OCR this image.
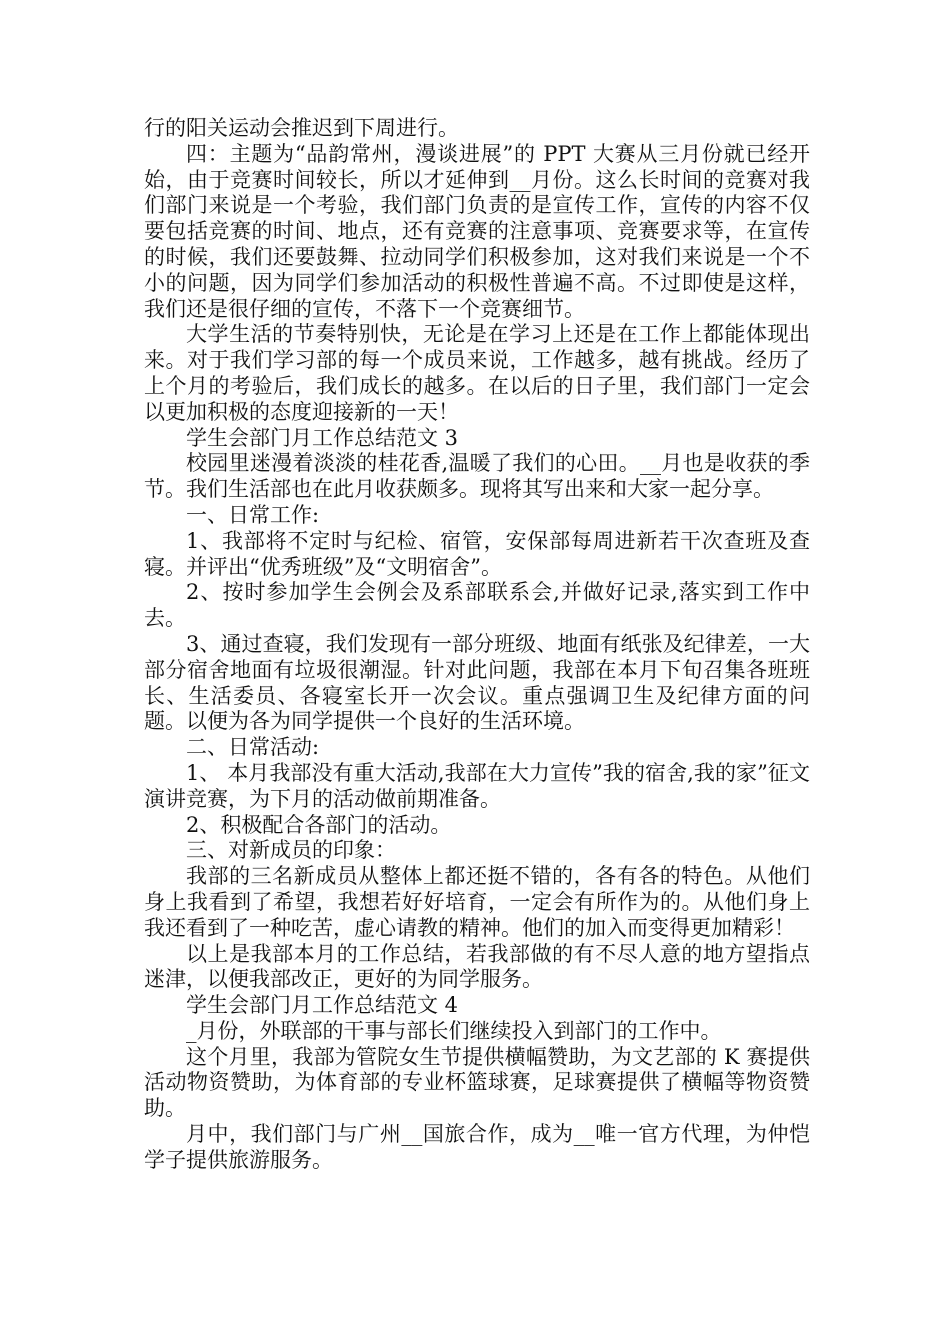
行的阳关运动会推迟到下周进行。

四：主题为“品韵常州，漫谈进展”的 PPT 大赛从三月份就已经开始，由于竞赛时间较长，所以才延伸到__月份。这么长时间的竞赛对我们部门来说是一个考验，我们部门负责的是宣传工作，宣传的内容不仅要包括竞赛的时间、地点，还有竞赛的注意事项、竞赛要求等，在宣传的时候，我们还要鼓舞、拉动同学们积极参加，这对我们来说是一个不小的问题，因为同学们参加活动的积极性普遍不高。不过即使是这样，我们还是很仔细的宣传，不落下一个竞赛细节。

大学生活的节奏特别快，无论是在学习上还是在工作上都能体现出来。对于我们学习部的每一个成员来说，工作越多，越有挑战。经历了上个月的考验后，我们成长的越多。在以后的日子里，我们部门一定会以更加积极的态度迎接新的一天！

学生会部门月工作总结范文 3

校园里迷漫着淡淡的桂花香,温暖了我们的心田。__月也是收获的季节。我们生活部也在此月收获颇多。现将其写出来和大家一起分享。

一、日常工作:

1、我部将不定时与纪检、宿管，安保部每周进新若干次查班及查寝。并评出“优秀班级”及“文明宿舍”。

2、按时参加学生会例会及系部联系会,并做好记录,落实到工作中去。

3、通过查寝，我们发现有一部分班级、地面有纸张及纪律差，一大部分宿舍地面有垃圾很潮湿。针对此问题，我部在本月下旬召集各班班长、生活委员、各寝室长开一次会议。重点强调卫生及纪律方面的问题。以便为各为同学提供一个良好的生活环境。

二、日常活动:

1、 本月我部没有重大活动,我部在大力宣传”我的宿舍,我的家”征文演讲竞赛，为下月的活动做前期准备。

2、积极配合各部门的活动。

三、对新成员的印象：

我部的三名新成员从整体上都还挺不错的，各有各的特色。从他们身上我看到了希望，我想若好好培育，一定会有所作为的。从他们身上我还看到了一种吃苦，虚心请教的精神。他们的加入而变得更加精彩！

以上是我部本月的工作总结，若我部做的有不尽人意的地方望指点迷津，以便我部改正，更好的为同学服务。

学生会部门月工作总结范文 4

_月份，外联部的干事与部长们继续投入到部门的工作中。

这个月里，我部为管院女生节提供横幅赞助，为文艺部的 K 赛提供活动物资赞助，为体育部的专业杯篮球赛，足球赛提供了横幅等物资赞助。

月中，我们部门与广州__国旅合作，成为__唯一官方代理，为仲恺学子提供旅游服务。
